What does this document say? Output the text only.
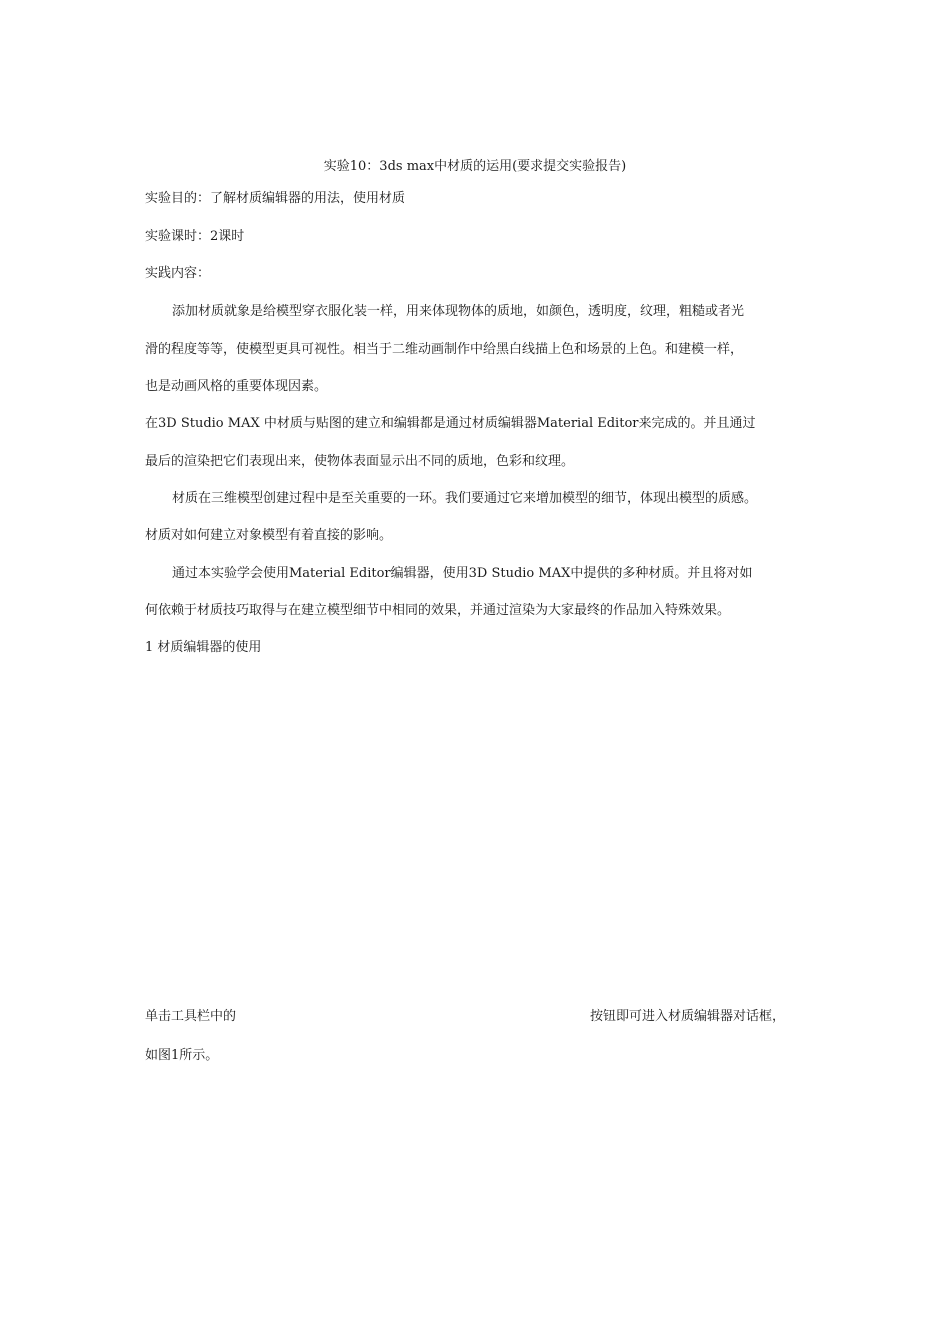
实验10：3ds max中材质的运用(要求提交实验报告)
实验目的：了解材质编辑器的用法，使用材质
实验课时：2课时
实践内容：
添加材质就象是给模型穿衣服化装一样，用来体现物体的质地，如颜色，透明度，纹理，粗糙或者光
滑的程度等等，使模型更具可视性。相当于二维动画制作中给黑白线描上色和场景的上色。和建模一样，
也是动画风格的重要体现因素。
在3D Studio MAX 中材质与贴图的建立和编辑都是通过材质编辑器Material Editor来完成的。并且通过
最后的渲染把它们表现出来，使物体表面显示出不同的质地，色彩和纹理。
材质在三维模型创建过程中是至关重要的一环。我们要通过它来增加模型的细节，体现出模型的质感。
材质对如何建立对象模型有着直接的影响。
通过本实验学会使用Material Editor编辑器，使用3D Studio MAX中提供的多种材质。并且将对如
何依赖于材质技巧取得与在建立模型细节中相同的效果，并通过渲染为大家最终的作品加入特殊效果。
1 材质编辑器的使用
单击工具栏中的	按钮即可进入材质编辑器对话框，
如图1所示。
